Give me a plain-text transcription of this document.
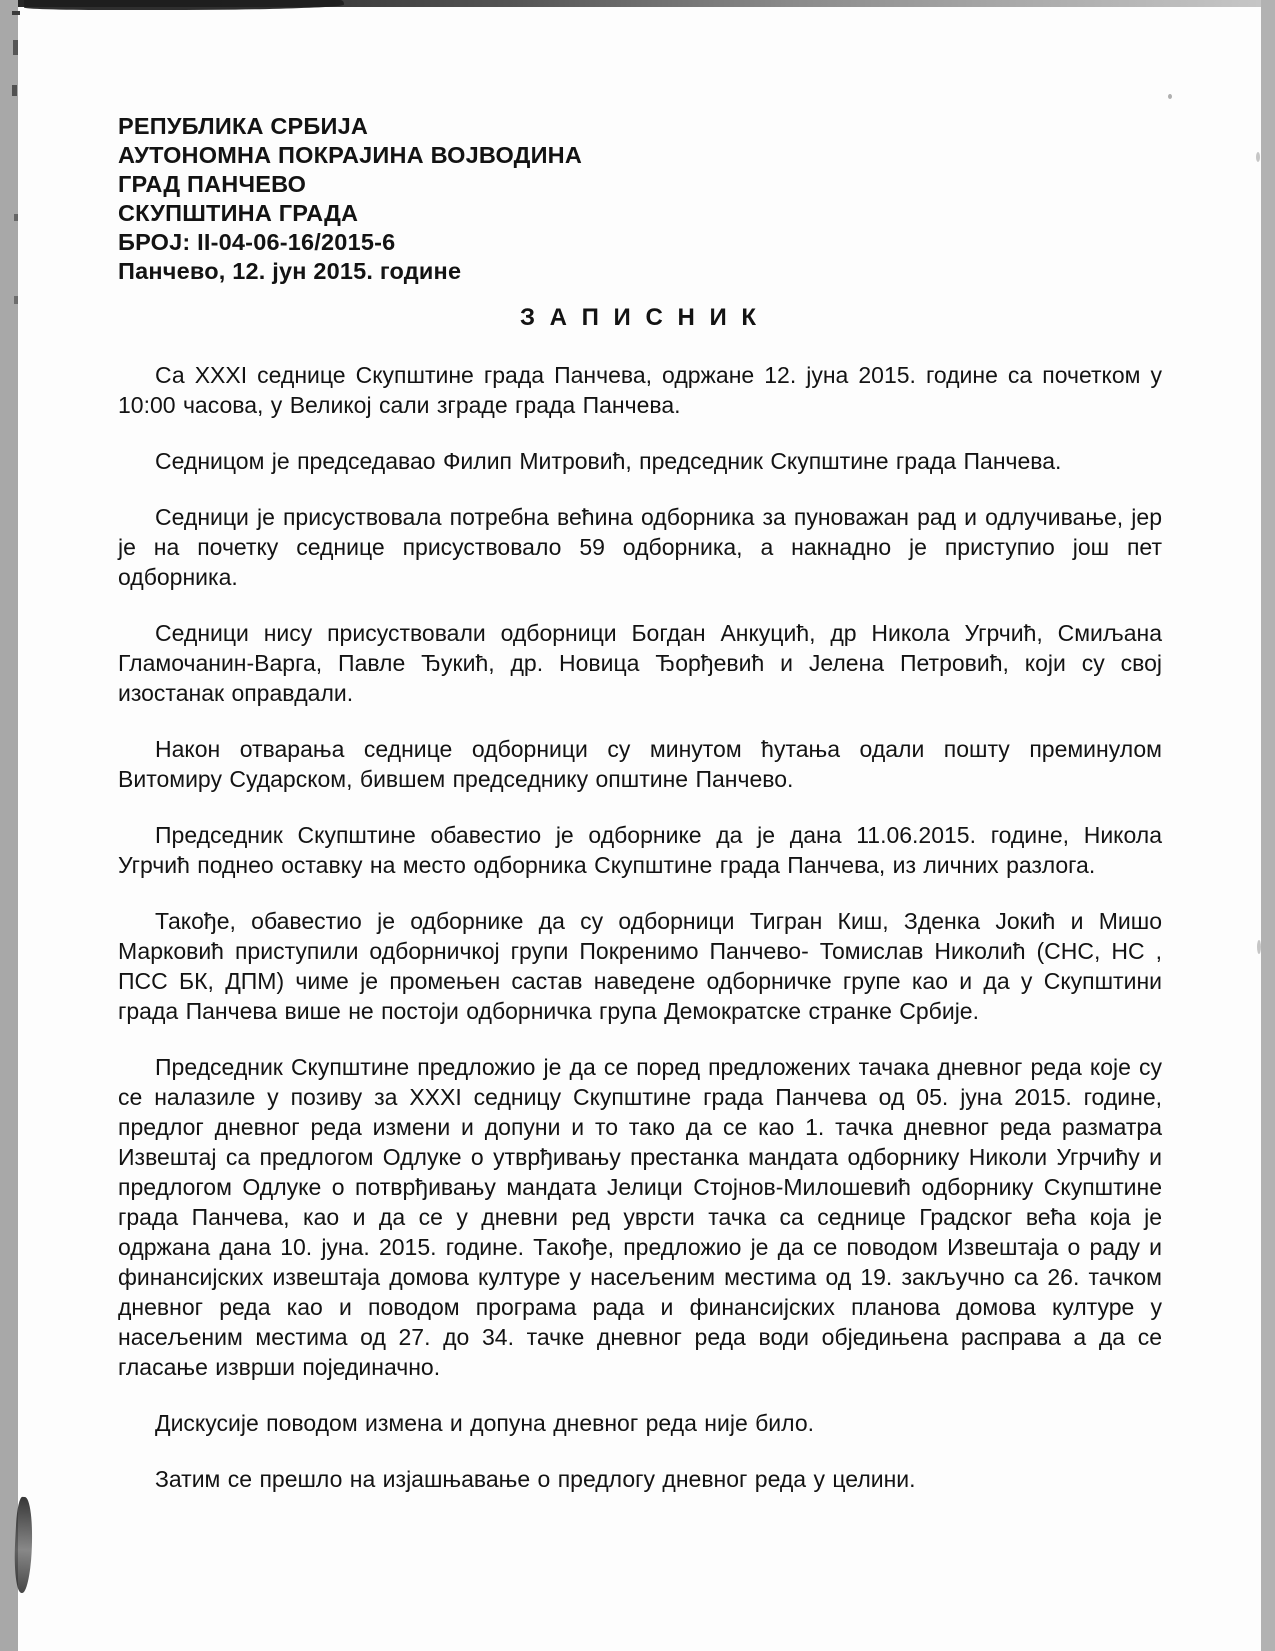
РЕПУБЛИКА СРБИЈА
АУТОНОМНА ПОКРАЈИНА ВОЈВОДИНА
ГРАД ПАНЧЕВО
СКУПШТИНА ГРАДА
БРОЈ: II-04-06-16/2015-6
Панчево, 12. јун 2015. године
З А П И С Н И К

Са XXXI седнице Скупштине града Панчева, одржане 12. јуна 2015. године са почетком у 10:00 часова, у Великој сали зграде града Панчева.

Седницом је председавао Филип Митровић, председник Скупштине града Панчева.

Седници је присуствовала потребна већина одборника за пуноважан рад и одлучивање, јер је на почетку седнице присуствовало 59 одборника, а накнадно је приступио још пет одборника.

Седници нису присуствовали одборници Богдан Анкуцић, др Никола Угрчић, Смиљана Гламочанин-Варга, Павле Ђукић, др. Новица Ђорђевић и Јелена Петровић, који су свој изостанак оправдали.

Након отварања седнице одборници су минутом ћутања одали пошту преминулом Витомиру Сударском, бившем председнику општине Панчево.

Председник Скупштине обавестио је одборнике да је дана 11.06.2015. године, Никола Угрчић поднео оставку на место одборника Скупштине града Панчева, из личних разлога.

Такође, обавестио је одборнике да су одборници Тигран Киш, Зденка Јокић и Мишо Марковић приступили одборничкој групи Покренимо Панчево- Томислав Николић (СНС, НС , ПСС БК, ДПМ) чиме је промењен састав наведене одборничке групе као и да у Скупштини града Панчева више не постоји одборничка група Демократске странке Србије.

Председник Скупштине предложио је да се поред предложених тачака дневног реда које су се налазиле у позиву за XXXI седницу Скупштине града Панчева од 05. јуна 2015. године, предлог дневног реда измени и допуни и то тако да се као 1. тачка дневног реда разматра Извештај са предлогом Одлуке о утврђивању престанка мандата одборнику Николи Угрчићу и предлогом Одлуке о потврђивању мандата Јелици Стојнов-Милошевић одборнику Скупштине града Панчева, као и да се у дневни ред уврсти тачка са седнице Градског већа која је одржана дана 10. јуна. 2015. године. Такође, предложио је да се поводом Извештаја о раду и финансијских извештаја домова културе у насељеним местима од 19. закључно са 26. тачком дневног реда као и поводом програма рада и финансијских планова домова културе у насељеним местима од 27. до 34. тачке дневног реда води обједињена расправа а да се гласање изврши појединачно.

Дискусије поводом измена и допуна дневног реда није било.

Затим се прешло на изјашњавање о предлогу дневног реда у целини.
